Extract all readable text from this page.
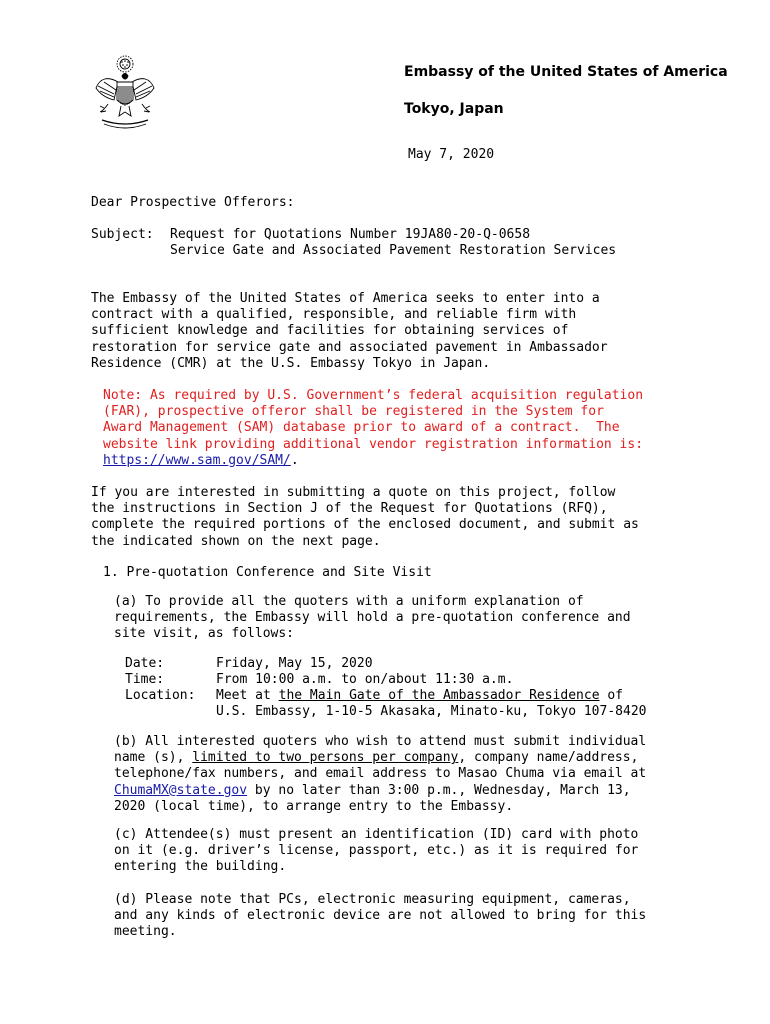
Embassy of the United States of America
Tokyo, Japan
May 7, 2020
Dear Prospective Offerors:
Subject: Request for Quotations Number 19JA80-20-Q-0658
Service Gate and Associated Pavement Restoration Services
The Embassy of the United States of America seeks to enter into a
contract with a qualified, responsible, and reliable firm with
sufficient knowledge and facilities for obtaining services of
restoration for service gate and associated pavement in Ambassador
Residence (CMR) at the U.S. Embassy Tokyo in Japan.
Note: As required by U.S. Government’s federal acquisition regulation
(FAR), prospective offeror shall be registered in the System for
Award Management (SAM) database prior to award of a contract.  The
website link providing additional vendor registration information is:
https://www.sam.gov/SAM/.
If you are interested in submitting a quote on this project, follow
the instructions in Section J of the Request for Quotations (RFQ),
complete the required portions of the enclosed document, and submit as
the indicated shown on the next page.
1. Pre-quotation Conference and Site Visit
(a) To provide all the quoters with a uniform explanation of
requirements, the Embassy will hold a pre-quotation conference and
site visit, as follows:
Date:	Friday, May 15, 2020
Time:	From 10:00 a.m. to on/about 11:30 a.m.
Location: Meet at the Main Gate of the Ambassador Residence of
U.S. Embassy, 1-10-5 Akasaka, Minato-ku, Tokyo 107-8420
(b) All interested quoters who wish to attend must submit individual
name (s), limited to two persons per company, company name/address,
telephone/fax numbers, and email address to Masao Chuma via email at
ChumaMX@state.gov by no later than 3:00 p.m., Wednesday, March 13,
2020 (local time), to arrange entry to the Embassy.
(c) Attendee(s) must present an identification (ID) card with photo
on it (e.g. driver’s license, passport, etc.) as it is required for
entering the building.
(d) Please note that PCs, electronic measuring equipment, cameras,
and any kinds of electronic device are not allowed to bring for this
meeting.
